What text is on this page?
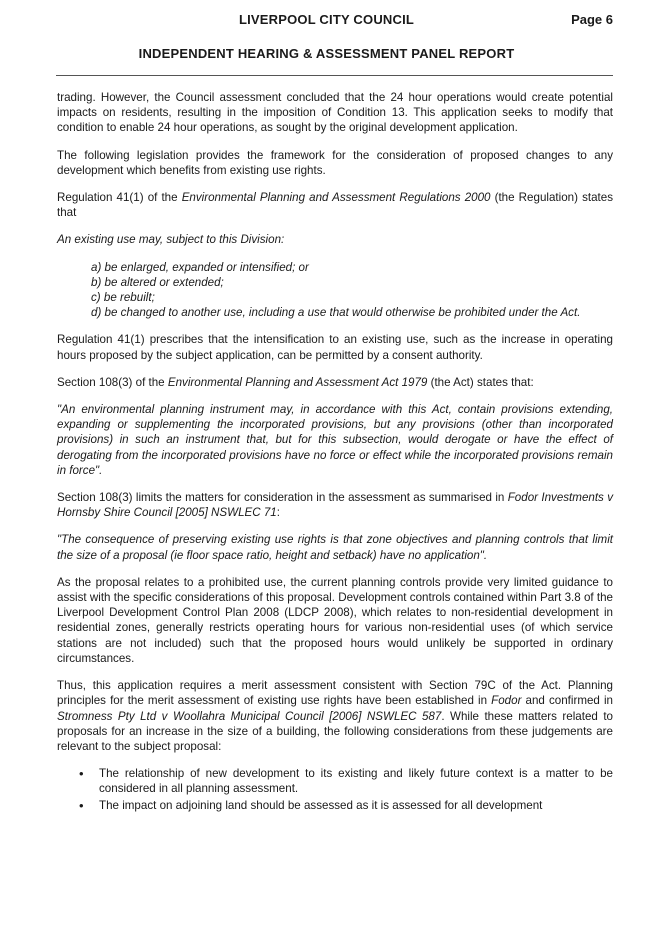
LIVERPOOL CITY COUNCIL	Page 6
INDEPENDENT HEARING & ASSESSMENT PANEL REPORT

trading. However, the Council assessment concluded that the 24 hour operations would create potential impacts on residents, resulting in the imposition of Condition 13. This application seeks to modify that condition to enable 24 hour operations, as sought by the original development application.

The following legislation provides the framework for the consideration of proposed changes to any development which benefits from existing use rights.

Regulation 41(1) of the Environmental Planning and Assessment Regulations 2000 (the Regulation) states that

An existing use may, subject to this Division:

a) be enlarged, expanded or intensified; or
b) be altered or extended;
c) be rebuilt;
d) be changed to another use, including a use that would otherwise be prohibited under the Act.

Regulation 41(1) prescribes that the intensification to an existing use, such as the increase in operating hours proposed by the subject application, can be permitted by a consent authority.

Section 108(3) of the Environmental Planning and Assessment Act 1979 (the Act) states that:

"An environmental planning instrument may, in accordance with this Act, contain provisions extending, expanding or supplementing the incorporated provisions, but any provisions (other than incorporated provisions) in such an instrument that, but for this subsection, would derogate or have the effect of derogating from the incorporated provisions have no force or effect while the incorporated provisions remain in force".

Section 108(3) limits the matters for consideration in the assessment as summarised in Fodor Investments v Hornsby Shire Council [2005] NSWLEC 71:

"The consequence of preserving existing use rights is that zone objectives and planning controls that limit the size of a proposal (ie floor space ratio, height and setback) have no application".

As the proposal relates to a prohibited use, the current planning controls provide very limited guidance to assist with the specific considerations of this proposal. Development controls contained within Part 3.8 of the Liverpool Development Control Plan 2008 (LDCP 2008), which relates to non-residential development in residential zones, generally restricts operating hours for various non-residential uses (of which service stations are not included) such that the proposed hours would unlikely be supported in ordinary circumstances.

Thus, this application requires a merit assessment consistent with Section 79C of the Act. Planning principles for the merit assessment of existing use rights have been established in Fodor and confirmed in Stromness Pty Ltd v Woollahra Municipal Council [2006] NSWLEC 587. While these matters related to proposals for an increase in the size of a building, the following considerations from these judgements are relevant to the subject proposal:

• The relationship of new development to its existing and likely future context is a matter to be considered in all planning assessment.
• The impact on adjoining land should be assessed as it is assessed for all development
